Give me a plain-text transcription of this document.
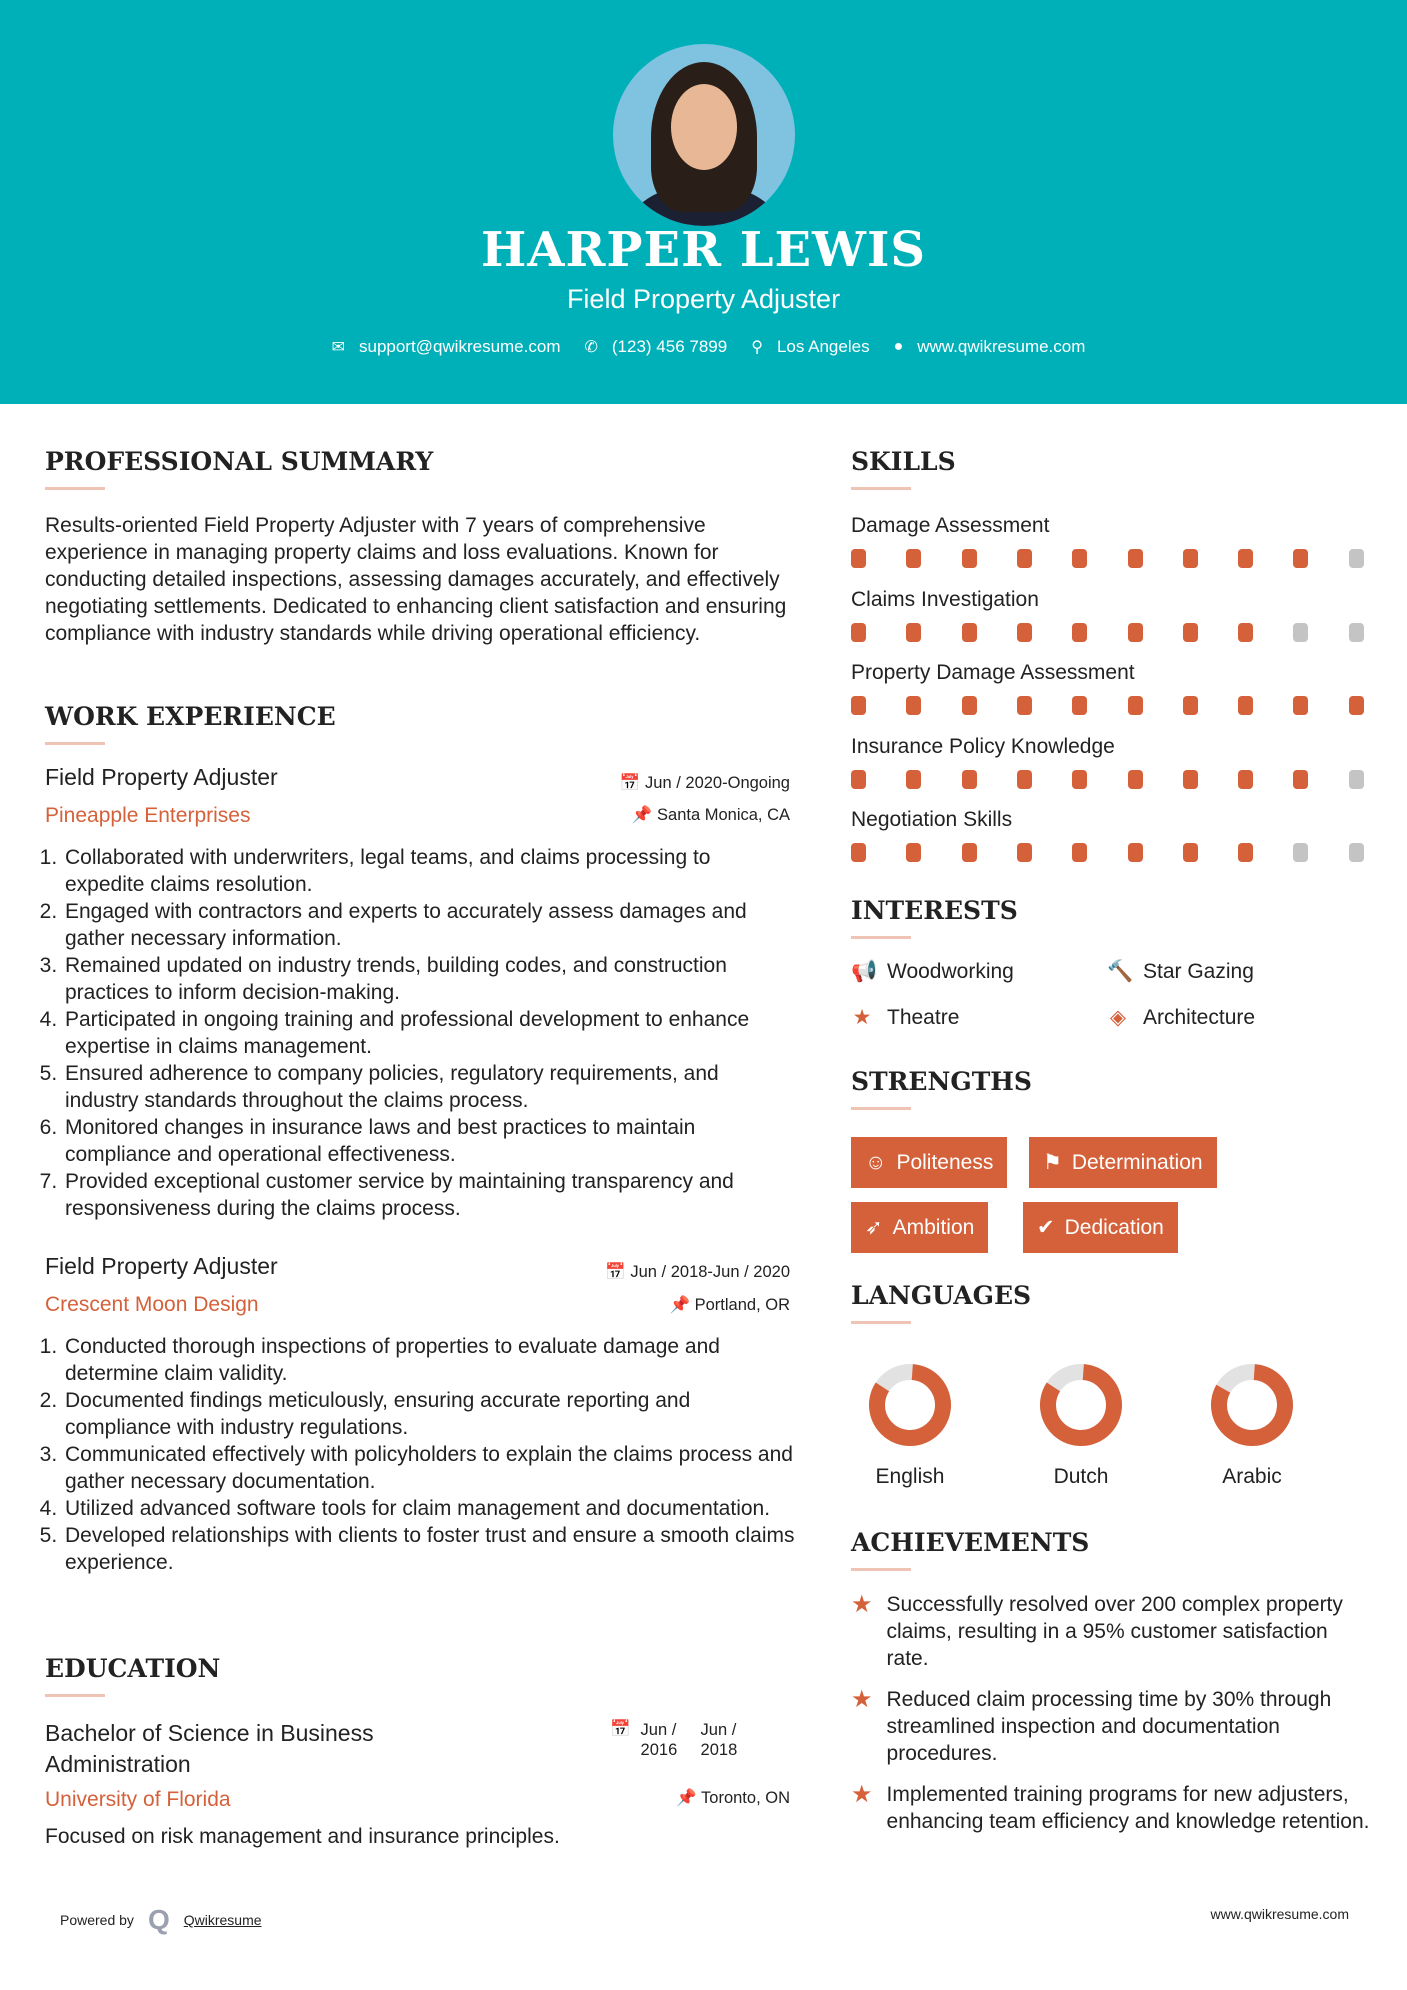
HARPER LEWIS
Field Property Adjuster
✉ support@qwikresume.com ✆ (123) 456 7899 ⚲ Los Angeles ● www.qwikresume.com
PROFESSIONAL SUMMARY
Results-oriented Field Property Adjuster with 7 years of comprehensive experience in managing property claims and loss evaluations. Known for conducting detailed inspections, assessing damages accurately, and effectively negotiating settlements. Dedicated to enhancing client satisfaction and ensuring compliance with industry standards while driving operational efficiency.
WORK EXPERIENCE
Field Property Adjuster	📅 Jun / 2020-Ongoing
Pineapple Enterprises	📌 Santa Monica, CA
1. Collaborated with underwriters, legal teams, and claims processing to expedite claims resolution.
2. Engaged with contractors and experts to accurately assess damages and gather necessary information.
3. Remained updated on industry trends, building codes, and construction practices to inform decision-making.
4. Participated in ongoing training and professional development to enhance expertise in claims management.
5. Ensured adherence to company policies, regulatory requirements, and industry standards throughout the claims process.
6. Monitored changes in insurance laws and best practices to maintain compliance and operational effectiveness.
7. Provided exceptional customer service by maintaining transparency and responsiveness during the claims process.
Field Property Adjuster	📅 Jun / 2018-Jun / 2020
Crescent Moon Design	📌 Portland, OR
1. Conducted thorough inspections of properties to evaluate damage and determine claim validity.
2. Documented findings meticulously, ensuring accurate reporting and compliance with industry regulations.
3. Communicated effectively with policyholders to explain the claims process and gather necessary documentation.
4. Utilized advanced software tools for claim management and documentation.
5. Developed relationships with clients to foster trust and ensure a smooth claims experience.
EDUCATION
Bachelor of Science in Business Administration
📅 Jun / 2016
Jun / 2018
University of Florida	📌 Toronto, ON
Focused on risk management and insurance principles.
SKILLS
Damage Assessment
Claims Investigation
Property Damage Assessment
Insurance Policy Knowledge
Negotiation Skills
INTERESTS
📢 Woodworking	🔨 Star Gazing
★ Theatre	◈ Architecture
STRENGTHS
☺ Politeness ⚑ Determination
➶ Ambition	✔ Dedication
LANGUAGES
English	Dutch	Arabic
ACHIEVEMENTS
★ Successfully resolved over 200 complex property claims, resulting in a 95% customer satisfaction rate.
★ Reduced claim processing time by 30% through streamlined inspection and documentation procedures.
★ Implemented training programs for new adjusters, enhancing team efficiency and knowledge retention.
Powered by Q Qwikresume	www.qwikresume.com
